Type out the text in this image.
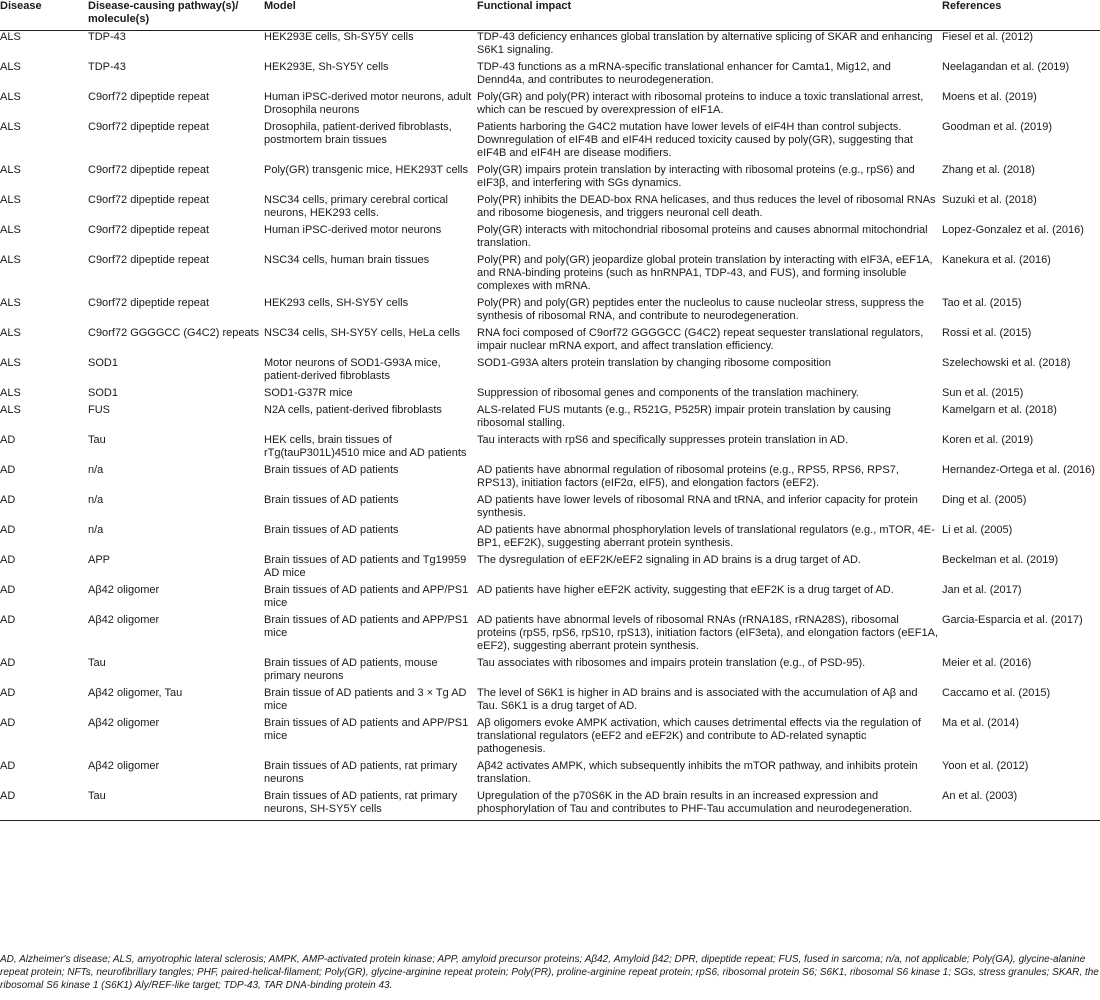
Disease	Disease-causing pathway(s)/ molecule(s)	Model	Functional impact	References
ALS	TDP-43	HEK293E cells, Sh-SY5Y cells	TDP-43 deficiency enhances global translation by alternative splicing of SKAR and enhancing S6K1 signaling.	Fiesel et al. (2012)
ALS	TDP-43	HEK293E, Sh-SY5Y cells	TDP-43 functions as a mRNA-specific translational enhancer for Camta1, Mig12, and Dennd4a, and contributes to neurodegeneration.	Neelagandan et al. (2019)
ALS	C9orf72 dipeptide repeat	Human iPSC-derived motor neurons, adult Drosophila neurons	Poly(GR) and poly(PR) interact with ribosomal proteins to induce a toxic translational arrest, which can be rescued by overexpression of eIF1A.	Moens et al. (2019)
ALS	C9orf72 dipeptide repeat	Drosophila, patient-derived fibroblasts, postmortem brain tissues	Patients harboring the G4C2 mutation have lower levels of eIF4H than control subjects. Downregulation of eIF4B and eIF4H reduced toxicity caused by poly(GR), suggesting that eIF4B and eIF4H are disease modifiers.	Goodman et al. (2019)
ALS	C9orf72 dipeptide repeat	Poly(GR) transgenic mice, HEK293T cells	Poly(GR) impairs protein translation by interacting with ribosomal proteins (e.g., rpS6) and eIF3β, and interfering with SGs dynamics.	Zhang et al. (2018)
ALS	C9orf72 dipeptide repeat	NSC34 cells, primary cerebral cortical neurons, HEK293 cells.	Poly(PR) inhibits the DEAD-box RNA helicases, and thus reduces the level of ribosomal RNAs and ribosome biogenesis, and triggers neuronal cell death.	Suzuki et al. (2018)
ALS	C9orf72 dipeptide repeat	Human iPSC-derived motor neurons	Poly(GR) interacts with mitochondrial ribosomal proteins and causes abnormal mitochondrial translation.	Lopez-Gonzalez et al. (2016)
ALS	C9orf72 dipeptide repeat	NSC34 cells, human brain tissues	Poly(PR) and poly(GR) jeopardize global protein translation by interacting with eIF3A, eEF1A, and RNA-binding proteins (such as hnRNPA1, TDP-43, and FUS), and forming insoluble complexes with mRNA.	Kanekura et al. (2016)
ALS	C9orf72 dipeptide repeat	HEK293 cells, SH-SY5Y cells	Poly(PR) and poly(GR) peptides enter the nucleolus to cause nucleolar stress, suppress the synthesis of ribosomal RNA, and contribute to neurodegeneration.	Tao et al. (2015)
ALS	C9orf72 GGGGCC (G4C2) repeats	NSC34 cells, SH-SY5Y cells, HeLa cells	RNA foci composed of C9orf72 GGGGCC (G4C2) repeat sequester translational regulators, impair nuclear mRNA export, and affect translation efficiency.	Rossi et al. (2015)
ALS	SOD1	Motor neurons of SOD1-G93A mice, patient-derived fibroblasts	SOD1-G93A alters protein translation by changing ribosome composition	Szelechowski et al. (2018)
ALS	SOD1	SOD1-G37R mice	Suppression of ribosomal genes and components of the translation machinery.	Sun et al. (2015)
ALS	FUS	N2A cells, patient-derived fibroblasts	ALS-related FUS mutants (e.g., R521G, P525R) impair protein translation by causing ribosomal stalling.	Kamelgarn et al. (2018)
AD	Tau	HEK cells, brain tissues of rTg(tauP301L)4510 mice and AD patients	Tau interacts with rpS6 and specifically suppresses protein translation in AD.	Koren et al. (2019)
AD	n/a	Brain tissues of AD patients	AD patients have abnormal regulation of ribosomal proteins (e.g., RPS5, RPS6, RPS7, RPS13), initiation factors (eIF2α, eIF5), and elongation factors (eEF2).	Hernandez-Ortega et al. (2016)
AD	n/a	Brain tissues of AD patients	AD patients have lower levels of ribosomal RNA and tRNA, and inferior capacity for protein synthesis.	Ding et al. (2005)
AD	n/a	Brain tissues of AD patients	AD patients have abnormal phosphorylation levels of translational regulators (e.g., mTOR, 4E-BP1, eEF2K), suggesting aberrant protein synthesis.	Li et al. (2005)
AD	APP	Brain tissues of AD patients and Tg19959 AD mice	The dysregulation of eEF2K/eEF2 signaling in AD brains is a drug target of AD.	Beckelman et al. (2019)
AD	Aβ42 oligomer	Brain tissues of AD patients and APP/PS1 mice	AD patients have higher eEF2K activity, suggesting that eEF2K is a drug target of AD.	Jan et al. (2017)
AD	Aβ42 oligomer	Brain tissues of AD patients and APP/PS1 mice	AD patients have abnormal levels of ribosomal RNAs (rRNA18S, rRNA28S), ribosomal proteins (rpS5, rpS6, rpS10, rpS13), initiation factors (eIF3eta), and elongation factors (eEF1A, eEF2), suggesting aberrant protein synthesis.	Garcia-Esparcia et al. (2017)
AD	Tau	Brain tissues of AD patients, mouse primary neurons	Tau associates with ribosomes and impairs protein translation (e.g., of PSD-95).	Meier et al. (2016)
AD	Aβ42 oligomer, Tau	Brain tissue of AD patients and 3 × Tg AD mice	The level of S6K1 is higher in AD brains and is associated with the accumulation of Aβ and Tau. S6K1 is a drug target of AD.	Caccamo et al. (2015)
AD	Aβ42 oligomer	Brain tissues of AD patients and APP/PS1 mice	Aβ oligomers evoke AMPK activation, which causes detrimental effects via the regulation of translational regulators (eEF2 and eEF2K) and contribute to AD-related synaptic pathogenesis.	Ma et al. (2014)
AD	Aβ42 oligomer	Brain tissues of AD patients, rat primary neurons	Aβ42 activates AMPK, which subsequently inhibits the mTOR pathway, and inhibits protein translation.	Yoon et al. (2012)
AD	Tau	Brain tissues of AD patients, rat primary neurons, SH-SY5Y cells	Upregulation of the p70S6K in the AD brain results in an increased expression and phosphorylation of Tau and contributes to PHF-Tau accumulation and neurodegeneration.	An et al. (2003)
AD, Alzheimer's disease; ALS, amyotrophic lateral sclerosis; AMPK, AMP-activated protein kinase; APP, amyloid precursor proteins; Aβ42, Amyloid β42; DPR, dipeptide repeat; FUS, fused in sarcoma; n/a, not applicable; Poly(GA), glycine-alanine repeat protein; NFTs, neurofibrillary tangles; PHF, paired-helical-filament; Poly(GR), glycine-arginine repeat protein; Poly(PR), proline-arginine repeat protein; rpS6, ribosomal protein S6; S6K1, ribosomal S6 kinase 1; SGs, stress granules; SKAR, the ribosomal S6 kinase 1 (S6K1) Aly/REF-like target; TDP-43, TAR DNA-binding protein 43.
